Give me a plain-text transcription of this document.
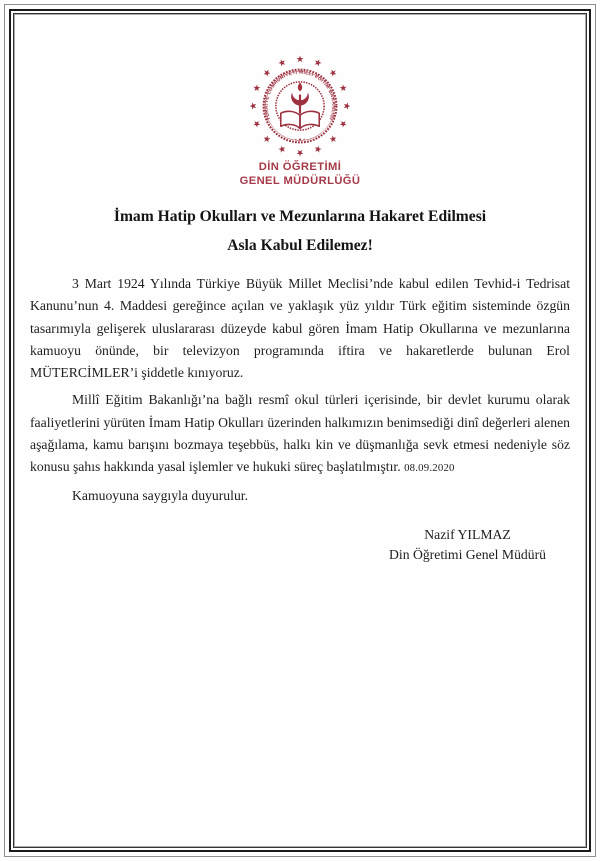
TÜRKİYE CUMHURİYETİ MİLLÎ EĞİTİM BAKANLIĞI
• ★ •
DİN ÖĞRETİMİ
GENEL MÜDÜRLÜĞÜ
İmam Hatip Okulları ve Mezunlarına Hakaret Edilmesi
Asla Kabul Edilemez!

3 Mart 1924 Yılında Türkiye Büyük Millet Meclisi’nde kabul edilen Tevhid-i Tedrisat Kanunu’nun 4. Maddesi gereğince açılan ve yaklaşık yüz yıldır Türk eğitim sisteminde özgün tasarımıyla gelişerek uluslararası düzeyde kabul gören İmam Hatip Okullarına ve mezunlarına kamuoyu önünde, bir televizyon programında iftira ve hakaretlerde bulunan Erol MÜTERCİMLER’i şiddetle kınıyoruz.

Millî Eğitim Bakanlığı’na bağlı resmî okul türleri içerisinde, bir devlet kurumu olarak faaliyetlerini yürüten İmam Hatip Okulları üzerinden halkımızın benimsediği dinî değerleri alenen aşağılama, kamu barışını bozmaya teşebbüs, halkı kin ve düşmanlığa sevk etmesi nedeniyle söz konusu şahıs hakkında yasal işlemler ve hukuki süreç başlatılmıştır. 08.09.2020

Kamuoyuna saygıyla duyurulur.

Nazif YILMAZ
Din Öğretimi Genel Müdürü
